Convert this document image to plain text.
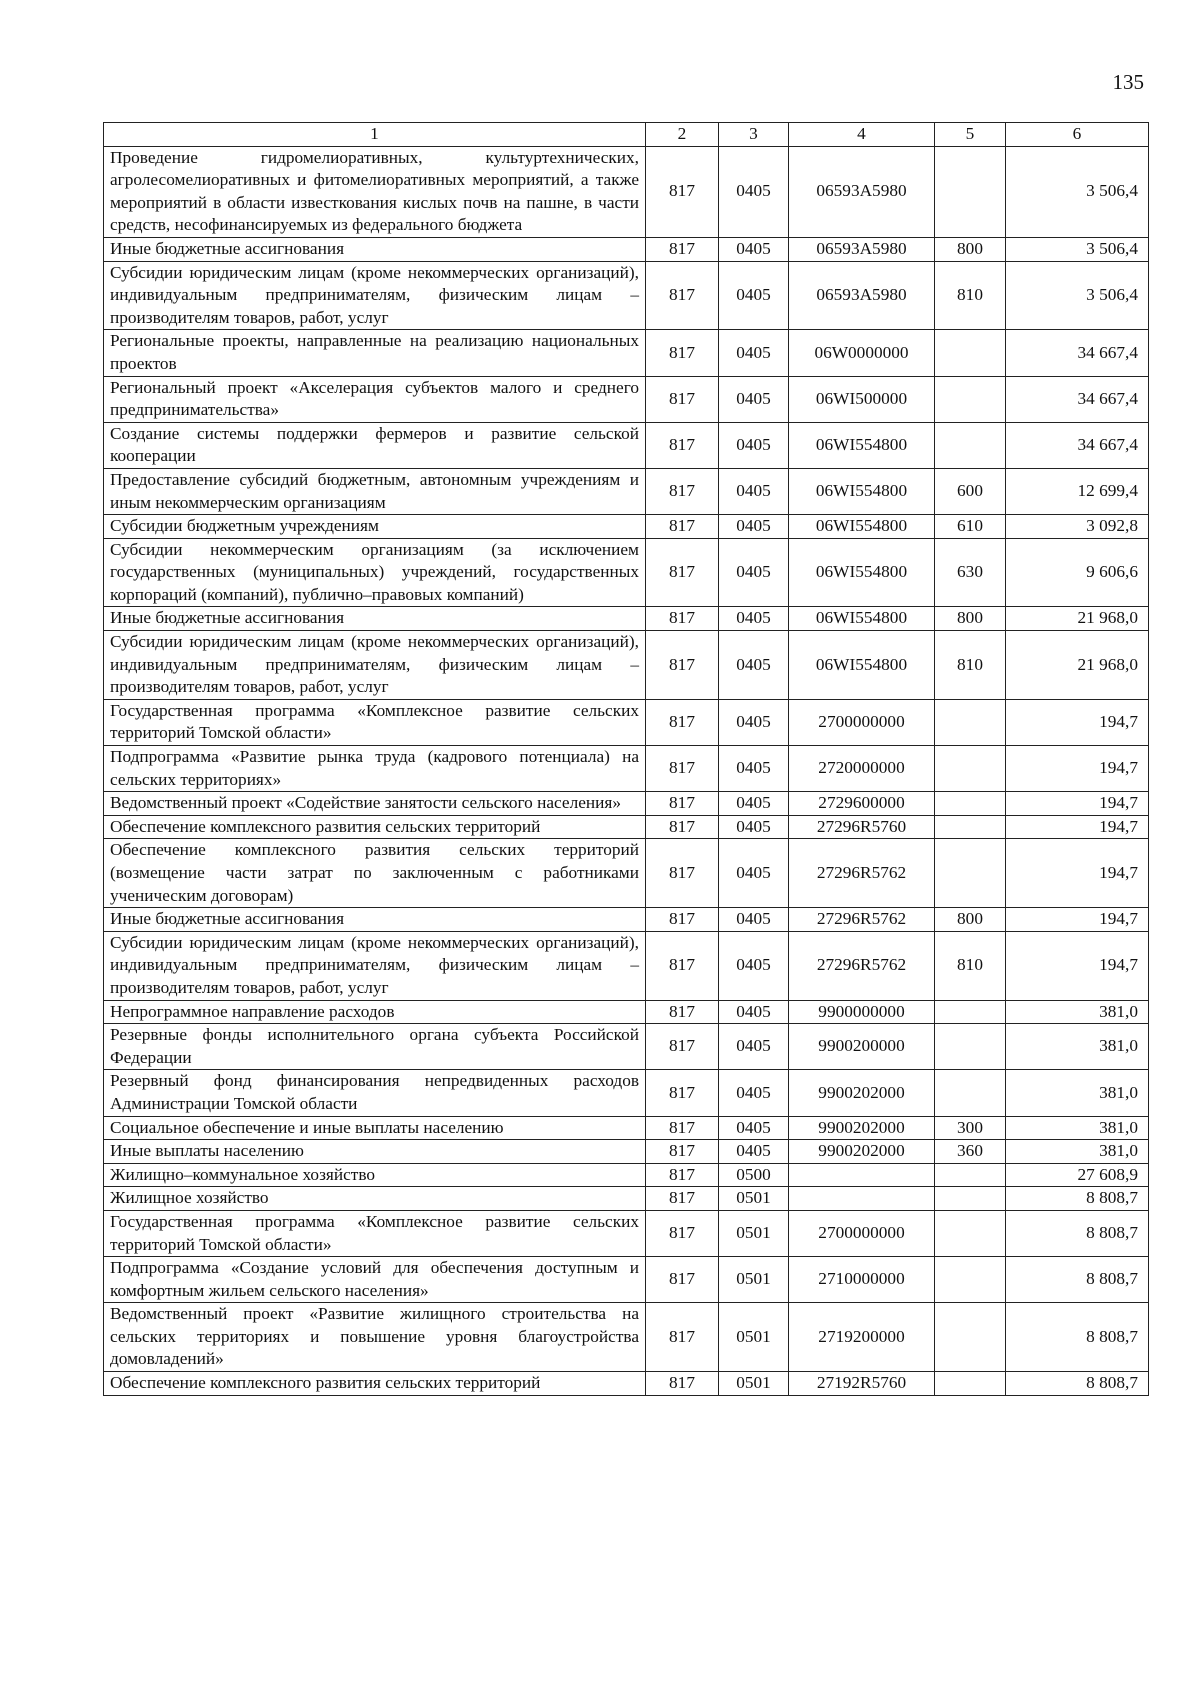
135
1	2	3	4	5	6
Проведение гидромелиоративных, культуртехнических, агролесомелиоративных и фитомелиоративных мероприятий, а также мероприятий в области известкования кислых почв на пашне, в части средств, несофинансируемых из федерального бюджета	817	0405	06593А5980		3 506,4
Иные бюджетные ассигнования	817	0405	06593А5980	800	3 506,4
Субсидии юридическим лицам (кроме некоммерческих организаций), индивидуальным предпринимателям, физическим лицам – производителям товаров, работ, услуг	817	0405	06593А5980	810	3 506,4
Региональные проекты, направленные на реализацию национальных проектов	817	0405	06W0000000		34 667,4
Региональный проект «Акселерация субъектов малого и среднего предпринимательства»	817	0405	06WI500000		34 667,4
Создание системы поддержки фермеров и развитие сельской кооперации	817	0405	06WI554800		34 667,4
Предоставление субсидий бюджетным, автономным учреждениям и иным некоммерческим организациям	817	0405	06WI554800	600	12 699,4
Субсидии бюджетным учреждениям	817	0405	06WI554800	610	3 092,8
Субсидии некоммерческим организациям (за исключением государственных (муниципальных) учреждений, государственных корпораций (компаний), публично–правовых компаний)	817	0405	06WI554800	630	9 606,6
Иные бюджетные ассигнования	817	0405	06WI554800	800	21 968,0
Субсидии юридическим лицам (кроме некоммерческих организаций), индивидуальным предпринимателям, физическим лицам – производителям товаров, работ, услуг	817	0405	06WI554800	810	21 968,0
Государственная программа «Комплексное развитие сельских территорий Томской области»	817	0405	2700000000		194,7
Подпрограмма «Развитие рынка труда (кадрового потенциала) на сельских территориях»	817	0405	2720000000		194,7
Ведомственный проект «Содействие занятости сельского населения»	817	0405	2729600000		194,7
Обеспечение комплексного развития сельских территорий	817	0405	27296R5760		194,7
Обеспечение комплексного развития сельских территорий (возмещение части затрат по заключенным с работниками ученическим договорам)	817	0405	27296R5762		194,7
Иные бюджетные ассигнования	817	0405	27296R5762	800	194,7
Субсидии юридическим лицам (кроме некоммерческих организаций), индивидуальным предпринимателям, физическим лицам – производителям товаров, работ, услуг	817	0405	27296R5762	810	194,7
Непрограммное направление расходов	817	0405	9900000000		381,0
Резервные фонды исполнительного органа субъекта Российской Федерации	817	0405	9900200000		381,0
Резервный фонд финансирования непредвиденных расходов Администрации Томской области	817	0405	9900202000		381,0
Социальное обеспечение и иные выплаты населению	817	0405	9900202000	300	381,0
Иные выплаты населению	817	0405	9900202000	360	381,0
Жилищно–коммунальное хозяйство	817	0500			27 608,9
Жилищное хозяйство	817	0501			8 808,7
Государственная программа «Комплексное развитие сельских территорий Томской области»	817	0501	2700000000		8 808,7
Подпрограмма «Создание условий для обеспечения доступным и комфортным жильем сельского населения»	817	0501	2710000000		8 808,7
Ведомственный проект «Развитие жилищного строительства на сельских территориях и повышение уровня благоустройства домовладений»	817	0501	2719200000		8 808,7
Обеспечение комплексного развития сельских территорий	817	0501	27192R5760		8 808,7
